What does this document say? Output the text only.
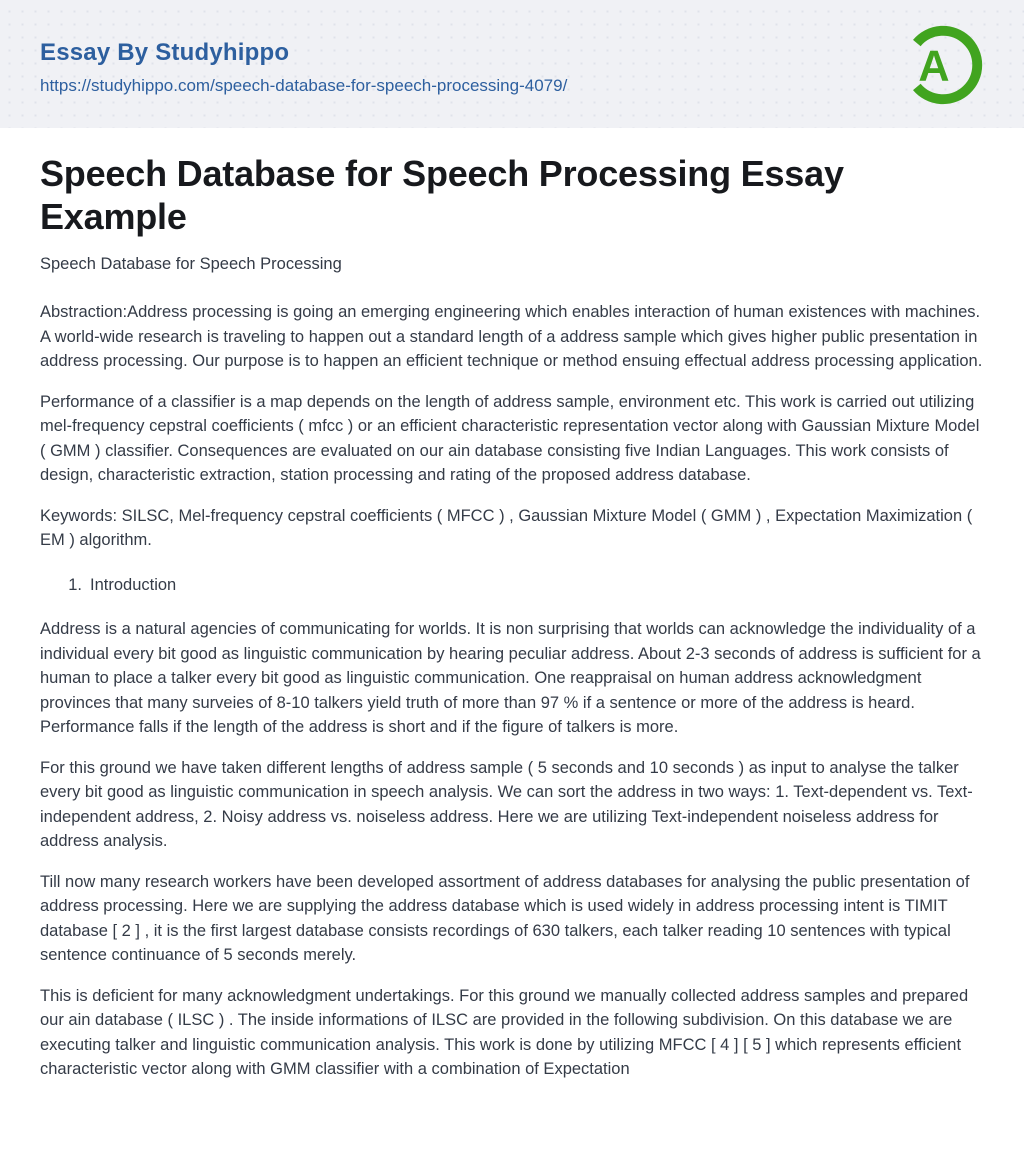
Essay By Studyhippo
https://studyhippo.com/speech-database-for-speech-processing-4079/	A
Speech Database for Speech Processing Essay Example

Speech Database for Speech Processing

Abstraction:Address processing is going an emerging engineering which enables interaction of human existences with machines. A world-wide research is traveling to happen out a standard length of a address sample which gives higher public presentation in address processing. Our purpose is to happen an efficient technique or method ensuing effectual address processing application.

Performance of a classifier is a map depends on the length of address sample, environment etc. This work is carried out utilizing mel-frequency cepstral coefficients ( mfcc ) or an efficient characteristic representation vector along with Gaussian Mixture Model ( GMM ) classifier. Consequences are evaluated on our ain database consisting five Indian Languages. This work consists of design, characteristic extraction, station processing and rating of the proposed address database.

Keywords: SILSC, Mel-frequency cepstral coefficients ( MFCC ) , Gaussian Mixture Model ( GMM ) , Expectation Maximization ( EM ) algorithm.

1. Introduction

Address is a natural agencies of communicating for worlds. It is non surprising that worlds can acknowledge the individuality of a individual every bit good as linguistic communication by hearing peculiar address. About 2-3 seconds of address is sufficient for a human to place a talker every bit good as linguistic communication. One reappraisal on human address acknowledgment provinces that many surveies of 8-10 talkers yield truth of more than 97 % if a sentence or more of the address is heard. Performance falls if the length of the address is short and if the figure of talkers is more.

For this ground we have taken different lengths of address sample ( 5 seconds and 10 seconds ) as input to analyse the talker every bit good as linguistic communication in speech analysis. We can sort the address in two ways: 1. Text-dependent vs. Text-independent address, 2. Noisy address vs. noiseless address. Here we are utilizing Text-independent noiseless address for address analysis.

Till now many research workers have been developed assortment of address databases for analysing the public presentation of address processing. Here we are supplying the address database which is used widely in address processing intent is TIMIT database [ 2 ] , it is the first largest database consists recordings of 630 talkers, each talker reading 10 sentences with typical sentence continuance of 5 seconds merely.

This is deficient for many acknowledgment undertakings. For this ground we manually collected address samples and prepared our ain database ( ILSC ) . The inside informations of ILSC are provided in the following subdivision. On this database we are executing talker and linguistic communication analysis. This work is done by utilizing MFCC [ 4 ] [ 5 ] which represents efficient characteristic vector along with GMM classifier with a combination of Expectation
